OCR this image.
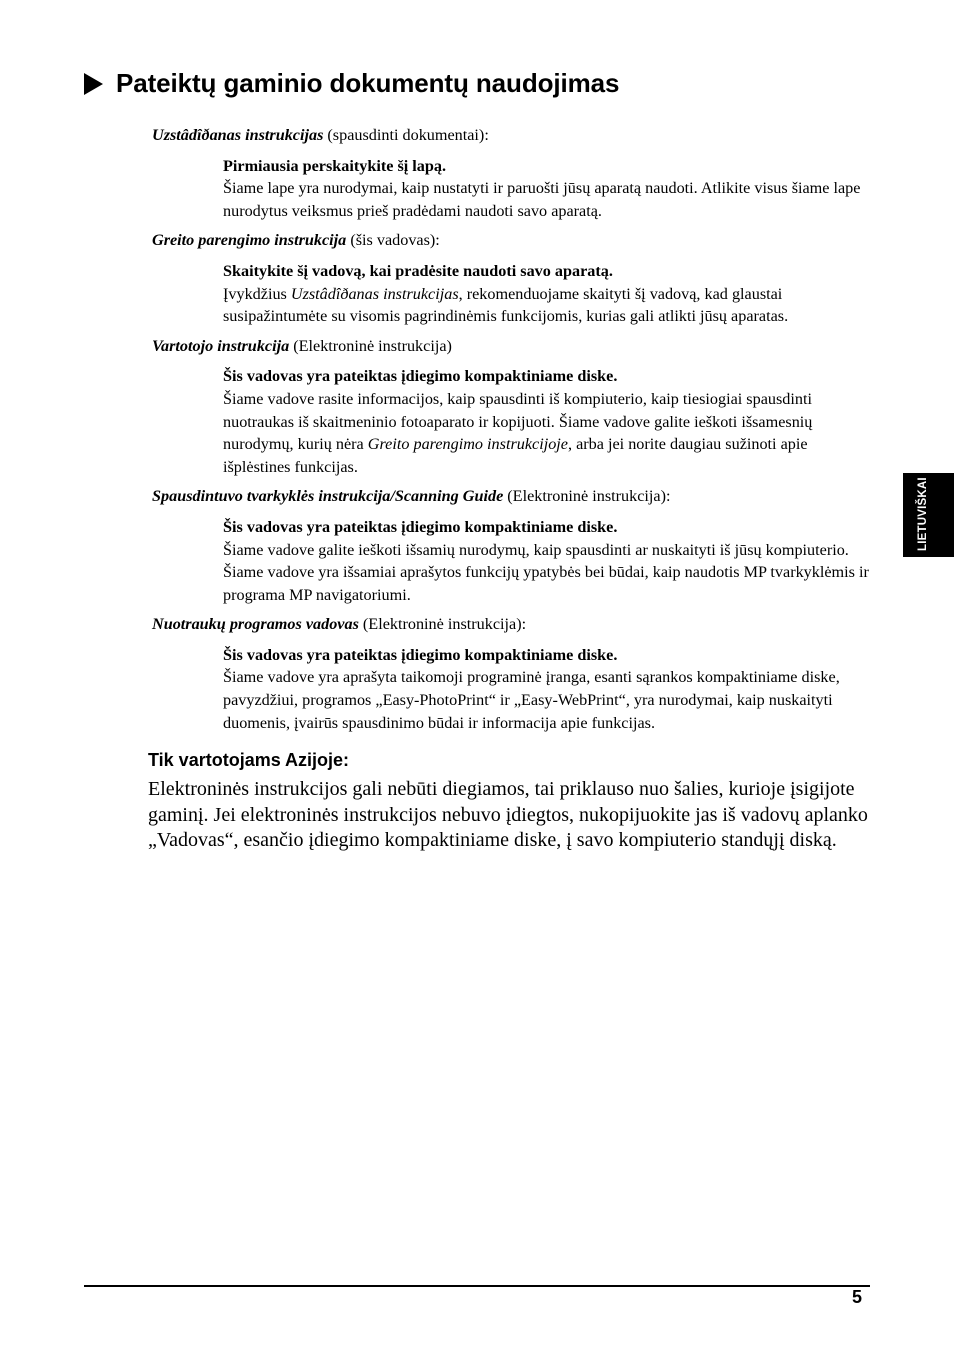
Pateiktų gaminio dokumentų naudojimas

Uzstâdîðanas instrukcijas (spausdinti dokumentai):

Pirmiausia perskaitykite šį lapą.
Šiame lape yra nurodymai, kaip nustatyti ir paruošti jūsų aparatą naudoti. Atlikite visus šiame lape nurodytus veiksmus prieš pradėdami naudoti savo aparatą.

Greito parengimo instrukcija (šis vadovas):

Skaitykite šį vadovą, kai pradėsite naudoti savo aparatą.
Įvykdžius Uzstâdîðanas instrukcijas, rekomenduojame skaityti šį vadovą, kad glaustai susipažintumėte su visomis pagrindinėmis funkcijomis, kurias gali atlikti jūsų aparatas.

Vartotojo instrukcija (Elektroninė instrukcija)

Šis vadovas yra pateiktas įdiegimo kompaktiniame diske.
Šiame vadove rasite informacijos, kaip spausdinti iš kompiuterio, kaip tiesiogiai spausdinti nuotraukas iš skaitmeninio fotoaparato ir kopijuoti. Šiame vadove galite ieškoti išsamesnių nurodymų, kurių nėra Greito parengimo instrukcijoje, arba jei norite daugiau sužinoti apie išplėstines funkcijas.

Spausdintuvo tvarkyklės instrukcija/Scanning Guide (Elektroninė instrukcija):

Šis vadovas yra pateiktas įdiegimo kompaktiniame diske.
Šiame vadove galite ieškoti išsamių nurodymų, kaip spausdinti ar nuskaityti iš jūsų kompiuterio. Šiame vadove yra išsamiai aprašytos funkcijų ypatybės bei būdai, kaip naudotis MP tvarkyklėmis ir programa MP navigatoriumi.

Nuotraukų programos vadovas (Elektroninė instrukcija):

Šis vadovas yra pateiktas įdiegimo kompaktiniame diske.
Šiame vadove yra aprašyta taikomoji programinė įranga, esanti sąrankos kompaktiniame diske, pavyzdžiui, programos „Easy-PhotoPrint“ ir „Easy-WebPrint“, yra nurodymai, kaip nuskaityti duomenis, įvairūs spausdinimo būdai ir informacija apie funkcijas.

Tik vartotojams Azijoje:

Elektroninės instrukcijos gali nebūti diegiamos, tai priklauso nuo šalies, kurioje įsigijote gaminį. Jei elektroninės instrukcijos nebuvo įdiegtos, nukopijuokite jas iš vadovų aplanko „Vadovas“, esančio įdiegimo kompaktiniame diske, į savo kompiuterio standųjį diską.

LIETUVIŠKAI
5
